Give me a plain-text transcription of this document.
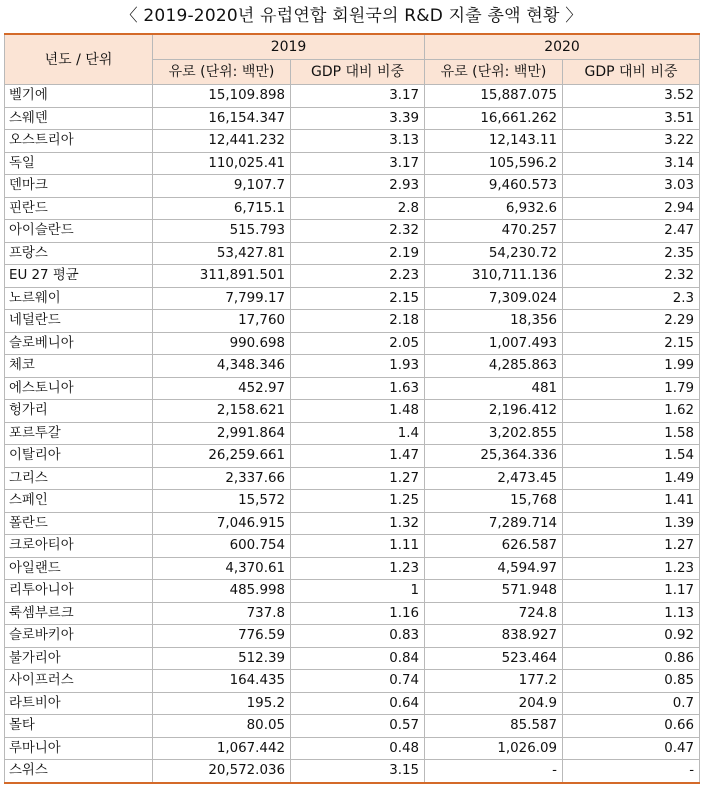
〈 2019-2020년 유럽연합 회원국의 R&D 지출 총액 현황 〉
년도 / 단위	2019		2020	
	유로 (단위: 백만)	GDP 대비 비중	유로 (단위: 백만)	GDP 대비 비중
벨기에	15,109.898	3.17	15,887.075	3.52
스웨덴	16,154.347	3.39	16,661.262	3.51
오스트리아	12,441.232	3.13	12,143.11	3.22
독일	110,025.41	3.17	105,596.2	3.14
덴마크	9,107.7	2.93	9,460.573	3.03
핀란드	6,715.1	2.8	6,932.6	2.94
아이슬란드	515.793	2.32	470.257	2.47
프랑스	53,427.81	2.19	54,230.72	2.35
EU 27 평균	311,891.501	2.23	310,711.136	2.32
노르웨이	7,799.17	2.15	7,309.024	2.3
네덜란드	17,760	2.18	18,356	2.29
슬로베니아	990.698	2.05	1,007.493	2.15
체코	4,348.346	1.93	4,285.863	1.99
에스토니아	452.97	1.63	481	1.79
헝가리	2,158.621	1.48	2,196.412	1.62
포르투갈	2,991.864	1.4	3,202.855	1.58
이탈리아	26,259.661	1.47	25,364.336	1.54
그리스	2,337.66	1.27	2,473.45	1.49
스페인	15,572	1.25	15,768	1.41
폴란드	7,046.915	1.32	7,289.714	1.39
크로아티아	600.754	1.11	626.587	1.27
아일랜드	4,370.61	1.23	4,594.97	1.23
리투아니아	485.998	1	571.948	1.17
룩셈부르크	737.8	1.16	724.8	1.13
슬로바키아	776.59	0.83	838.927	0.92
불가리아	512.39	0.84	523.464	0.86
사이프러스	164.435	0.74	177.2	0.85
라트비아	195.2	0.64	204.9	0.7
몰타	80.05	0.57	85.587	0.66
루마니아	1,067.442	0.48	1,026.09	0.47
스위스	20,572.036	3.15	-	-
